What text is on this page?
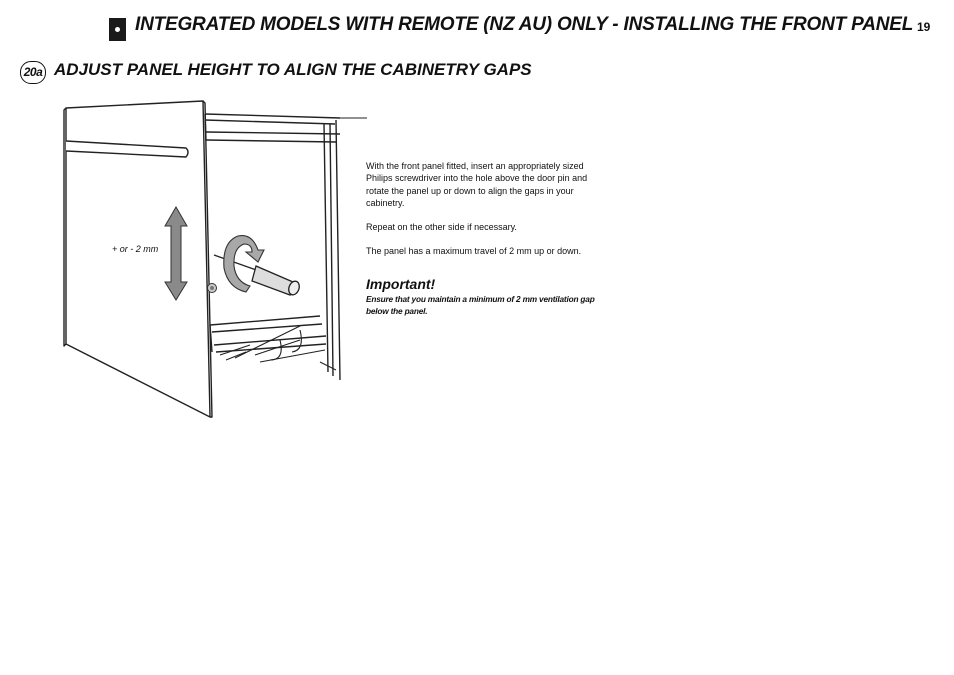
INTEGRATED MODELS WITH REMOTE (NZ AU) ONLY - INSTALLING THE FRONT PANEL 19
20a ADJUST PANEL HEIGHT TO ALIGN THE CABINETRY GAPS
+ or - 2 mm

With the front panel fitted, insert an appropriately sized Philips screwdriver into the hole above the door pin and rotate the panel up or down to align the gaps in your cabinetry.

Repeat on the other side if necessary.

The panel has a maximum travel of 2 mm up or down.

Important!
Ensure that you maintain a minimum of 2 mm ventilation gap below the panel.
